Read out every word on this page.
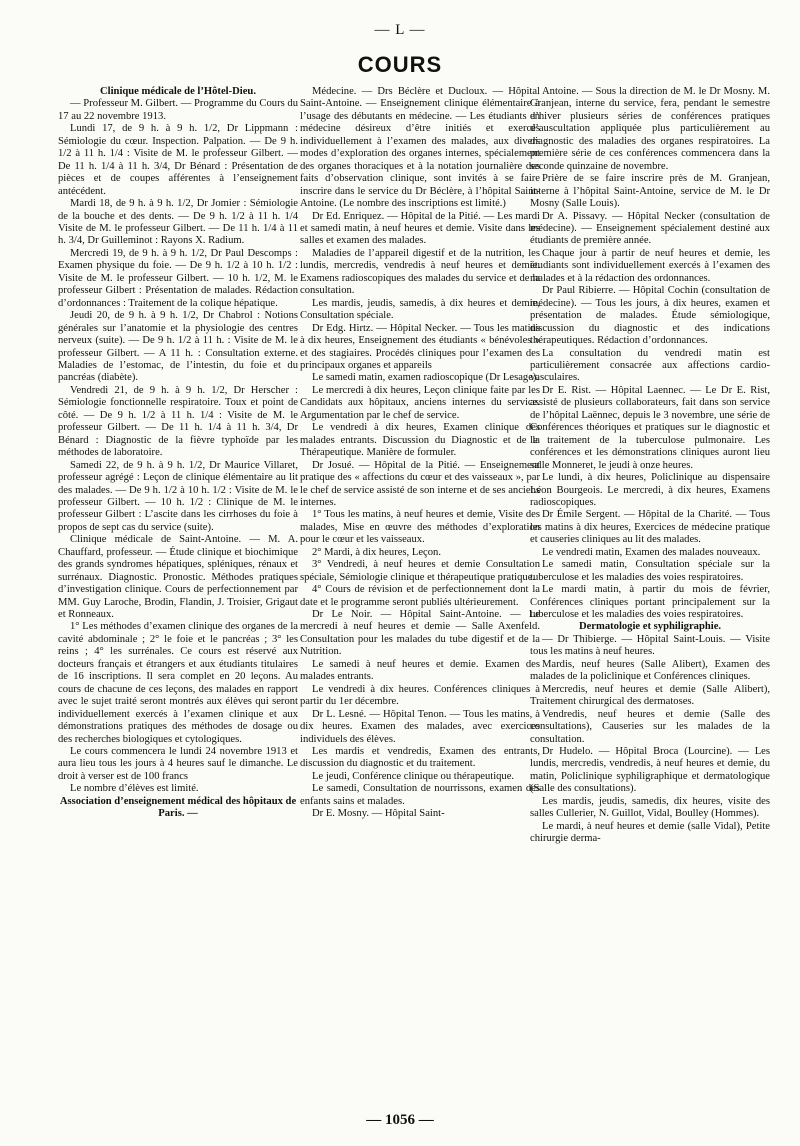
— L —
COURS

Clinique médicale de l’Hôtel-Dieu.

— Professeur M. Gilbert. — Programme du Cours du 17 au 22 novembre 1913.

Lundi 17, de 9 h. à 9 h. 1/2, Dr Lippmann : Sémiologie du cœur. Inspection. Palpation. — De 9 h. 1/2 à 11 h. 1/4 : Visite de M. le professeur Gilbert. — De 11 h. 1/4 à 11 h. 3/4, Dr Bénard : Présentation de pièces et de coupes afférentes à l’enseignement antécédent.

Mardi 18, de 9 h. à 9 h. 1/2, Dr Jomier : Sémiologie de la bouche et des dents. — De 9 h. 1/2 à 11 h. 1/4 Visite de M. le professeur Gilbert. — De 11 h. 1/4 à 11 h. 3/4, Dr Guilleminot : Rayons X. Radium.

Mercredi 19, de 9 h. à 9 h. 1/2, Dr Paul Descomps : Examen physique du foie. — De 9 h. 1/2 à 10 h. 1/2 : Visite de M. le professeur Gilbert. — 10 h. 1/2, M. le professeur Gilbert : Présentation de malades. Rédaction d’ordonnances : Traitement de la colique hépatique.

Jeudi 20, de 9 h. à 9 h. 1/2, Dr Chabrol : Notions générales sur l’anatomie et la physiologie des centres nerveux (suite). — De 9 h. 1/2 à 11 h. : Visite de M. le professeur Gilbert. — A 11 h. : Consultation externe. Maladies de l’estomac, de l’intestin, du foie et du pancréas (diabète).

Vendredi 21, de 9 h. à 9 h. 1/2, Dr Herscher : Sémiologie fonctionnelle respiratoire. Toux et point de côté. — De 9 h. 1/2 à 11 h. 1/4 : Visite de M. le professeur Gilbert. — De 11 h. 1/4 à 11 h. 3/4, Dr Bénard : Diagnostic de la fièvre typhoïde par les méthodes de laboratoire.

Samedi 22, de 9 h. à 9 h. 1/2, Dr Maurice Villaret, professeur agrégé : Leçon de clinique élémentaire au lit des malades. — De 9 h. 1/2 à 10 h. 1/2 : Visite de M. le professeur Gilbert. — 10 h. 1/2 : Clinique de M. le professeur Gilbert : L’ascite dans les cirrhoses du foie à propos de sept cas du service (suite).

Clinique médicale de Saint-Antoine. — M. A. Chauffard, professeur. — Étude clinique et biochimique des grands syndromes hépatiques, spléniques, rénaux et surrénaux. Diagnostic. Pronostic. Méthodes pratiques d’investigation clinique. Cours de perfectionnement par MM. Guy Laroche, Brodin, Flandin, J. Troisier, Grigaut et Ronneaux.

1° Les méthodes d’examen clinique des organes de la cavité abdominale ; 2° le foie et le pancréas ; 3° les reins ; 4° les surrénales. Ce cours est réservé aux docteurs français et étrangers et aux étudiants titulaires de 16 inscriptions. Il sera complet en 20 leçons. Au cours de chacune de ces leçons, des malades en rapport avec le sujet traité seront montrés aux élèves qui seront individuellement exercés à l’examen clinique et aux démonstrations pratiques des méthodes de dosage ou des recherches biologiques et cytologiques.

Le cours commencera le lundi 24 novembre 1913 et aura lieu tous les jours à 4 heures sauf le dimanche. Le droit à verser est de 100 francs

Le nombre d’élèves est limité.

Association d’enseignement médical des hôpitaux de Paris. —

Médecine. — Drs Béclère et Ducloux. — Hôpital Saint-Antoine. — Enseignement clinique élémentaire à l’usage des débutants en médecine. — Les étudiants en médecine désireux d’être initiés et exercés individuellement à l’examen des malades, aux divers modes d’exploration des organes internes, spécialement des organes thoraciques et à la notation journalière des faits d’observation clinique, sont invités à se faire inscrire dans le service du Dr Béclère, à l’hôpital Saint-Antoine. (Le nombre des inscriptions est limité.)

Dr Ed. Enriquez. — Hôpital de la Pitié. — Les mardi et samedi matin, à neuf heures et demie. Visite dans les salles et examen des malades.

Maladies de l’appareil digestif et de la nutrition, les lundis, mercredis, vendredis à neuf heures et demie. Examens radioscopiques des malades du service et de la consultation.

Les mardis, jeudis, samedis, à dix heures et demie, Consultation spéciale.

Dr Edg. Hirtz. — Hôpital Necker. — Tous les matins à dix heures, Enseignement des étudiants « bénévoles » et des stagiaires. Procédés cliniques pour l’examen des principaux organes et appareils

Le samedi matin, examen radioscopique (Dr Lesage).

Le mercredi à dix heures, Leçon clinique faite par les Candidats aux hôpitaux, anciens internes du service. Argumentation par le chef de service.

Le vendredi à dix heures, Examen clinique des malades entrants. Discussion du Diagnostic et de la Thérapeutique. Manière de formuler.

Dr Josué. — Hôpital de la Pitié. — Enseignement pratique des « affections du cœur et des vaisseaux », par le chef de service assisté de son interne et de ses anciens internes.

1° Tous les matins, à neuf heures et demie, Visite des malades, Mise en œuvre des méthodes d’exploration pour le cœur et les vaisseaux.

2° Mardi, à dix heures, Leçon.

3° Vendredi, à neuf heures et demie Consultation spéciale, Sémiologie clinique et thérapeutique pratique.

4° Cours de révision et de perfectionnement dont la date et le programme seront publiés ultérieurement.

Dr Le Noir. — Hôpital Saint-Antoine. — Le mercredi à neuf heures et demie — Salle Axenfeld. Consultation pour les malades du tube digestif et de la Nutrition.

Le samedi à neuf heures et demie. Examen des malades entrants.

Le vendredi à dix heures. Conférences cliniques à partir du 1er décembre.

Dr L. Lesné. — Hôpital Tenon. — Tous les matins, à dix heures. Examen des malades, avec exercices individuels des élèves.

Les mardis et vendredis, Examen des entrants, discussion du diagnostic et du traitement.

Le jeudi, Conférence clinique ou thérapeutique.

Le samedi, Consultation de nourrissons, examen des enfants sains et malades.

Dr E. Mosny. — Hôpital Saint-

Antoine. — Sous la direction de M. le Dr Mosny. M. Granjean, interne du service, fera, pendant le semestre d’hiver plusieurs séries de conférences pratiques d’auscultation appliquée plus particulièrement au diagnostic des maladies des organes respiratoires. La première série de ces conférences commencera dans la seconde quinzaine de novembre.

Prière de se faire inscrire près de M. Granjean, interne à l’hôpital Saint-Antoine, service de M. le Dr Mosny (Salle Louis).

Dr A. Pissavy. — Hôpital Necker (consultation de médecine). — Enseignement spécialement destiné aux étudiants de première année.

Chaque jour à partir de neuf heures et demie, les étudiants sont individuellement exercés à l’examen des malades et à la rédaction des ordonnances.

Dr Paul Ribierre. — Hôpital Cochin (consultation de médecine). — Tous les jours, à dix heures, examen et présentation de malades. Étude sémiologique, discussion du diagnostic et des indications thérapeutiques. Rédaction d’ordonnances.

La consultation du vendredi matin est particulièrement consacrée aux affections cardio-vasculaires.

Dr E. Rist. — Hôpital Laennec. — Le Dr E. Rist, assisté de plusieurs collaborateurs, fait dans son service de l’hôpital Laënnec, depuis le 3 novembre, une série de Conférences théoriques et pratiques sur le diagnostic et le traitement de la tuberculose pulmonaire. Les conférences et les démonstrations cliniques auront lieu salle Monneret, le jeudi à onze heures.

Le lundi, à dix heures, Policlinique au dispensaire Léon Bourgeois. Le mercredi, à dix heures, Examens radioscopiques.

Dr Émile Sergent. — Hôpital de la Charité. — Tous les matins à dix heures, Exercices de médecine pratique et causeries cliniques au lit des malades.

Le vendredi matin, Examen des malades nouveaux.

Le samedi matin, Consultation spéciale sur la tuberculose et les maladies des voies respiratoires.

Le mardi matin, à partir du mois de février, Conférences cliniques portant principalement sur la tuberculose et les maladies des voies respiratoires.

Dermatologie et syphiligraphie.

— Dr Thibierge. — Hôpital Saint-Louis. — Visite tous les matins à neuf heures.

Mardis, neuf heures (Salle Alibert), Examen des malades de la policlinique et Conférences cliniques.

Mercredis, neuf heures et demie (Salle Alibert), Traitement chirurgical des dermatoses.

Vendredis, neuf heures et demie (Salle des consultations), Causeries sur les malades de la consultation.

Dr Hudelo. — Hôpital Broca (Lourcine). — Les lundis, mercredis, vendredis, à neuf heures et demie, du matin, Policlinique syphiligraphique et dermatologique (Salle des consultations).

Les mardis, jeudis, samedis, dix heures, visite des salles Cullerier, N. Guillot, Vidal, Boulley (Hommes).

Le mardi, à neuf heures et demie (salle Vidal), Petite chirurgie derma-

— 1056 —
